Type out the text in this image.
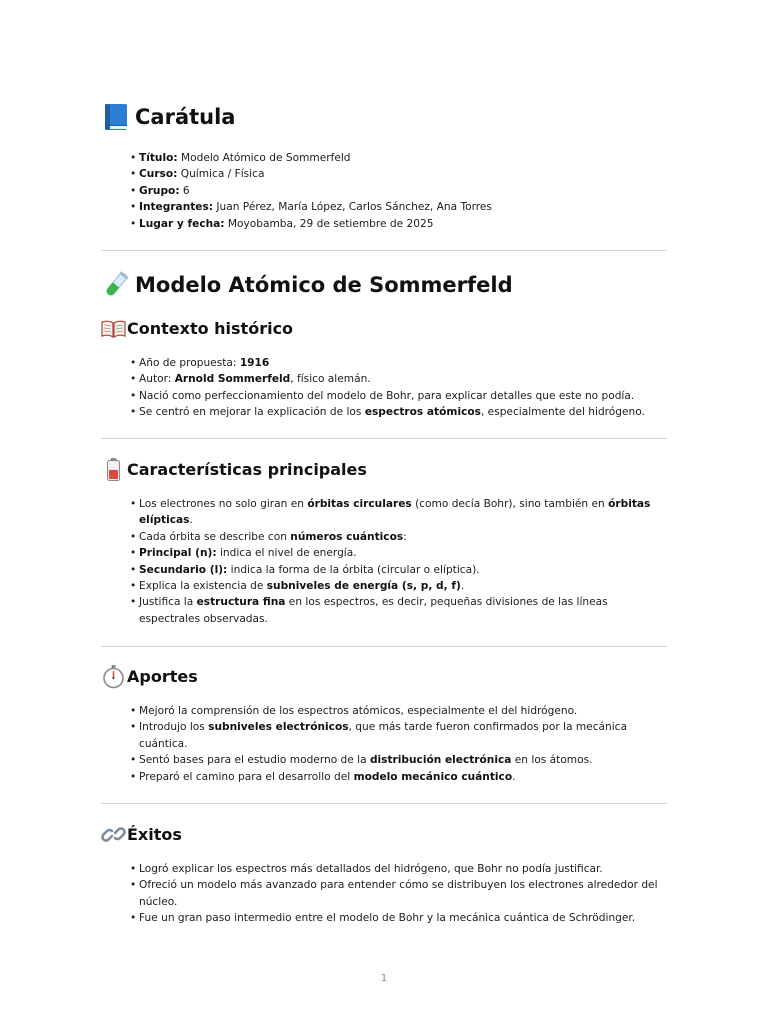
Carátula
• Título: Modelo Atómico de Sommerfeld
• Curso: Química / Física
• Grupo: 6
• Integrantes: Juan Pérez, María López, Carlos Sánchez, Ana Torres
• Lugar y fecha: Moyobamba, 29 de setiembre de 2025
Modelo Atómico de Sommerfeld
Contexto histórico
• Año de propuesta: 1916
• Autor: Arnold Sommerfeld, físico alemán.
• Nació como perfeccionamiento del modelo de Bohr, para explicar detalles que este no podía.
• Se centró en mejorar la explicación de los espectros atómicos, especialmente del hidrógeno.
Características principales
• Los electrones no solo giran en órbitas circulares (como decía Bohr), sino también en órbitas elípticas.
• Cada órbita se describe con números cuánticos:
• Principal (n): indica el nivel de energía.
• Secundario (l): indica la forma de la órbita (circular o elíptica).
• Explica la existencia de subniveles de energía (s, p, d, f).
• Justifica la estructura fina en los espectros, es decir, pequeñas divisiones de las líneas espectrales observadas.
Aportes
• Mejoró la comprensión de los espectros atómicos, especialmente el del hidrógeno.
• Introdujo los subniveles electrónicos, que más tarde fueron confirmados por la mecánica cuántica.
• Sentó bases para el estudio moderno de la distribución electrónica en los átomos.
• Preparó el camino para el desarrollo del modelo mecánico cuántico.
Éxitos
• Logró explicar los espectros más detallados del hidrógeno, que Bohr no podía justificar.
• Ofreció un modelo más avanzado para entender cómo se distribuyen los electrones alrededor del núcleo.
• Fue un gran paso intermedio entre el modelo de Bohr y la mecánica cuántica de Schrödinger.
1
